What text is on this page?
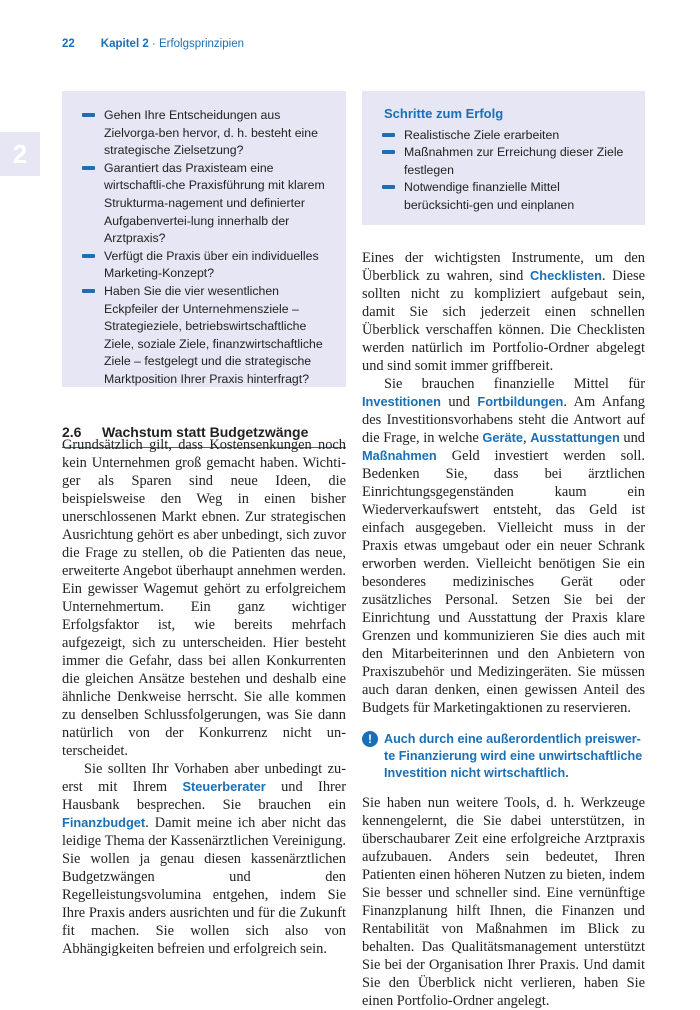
22 Kapitel 2 · Erfolgsprinzipien
2
Gehen Ihre Entscheidungen aus Zielvorga-ben hervor, d. h. besteht eine strategische Zielsetzung?
Garantiert das Praxisteam eine wirtschaftli-che Praxisführung mit klarem Strukturma-nagement und definierter Aufgabenvertei-lung innerhalb der Arztpraxis?
Verfügt die Praxis über ein individuelles Marketing-Konzept?
Haben Sie die vier wesentlichen Eckpfeiler der Unternehmensziele – Strategieziele, betriebswirtschaftliche Ziele, soziale Ziele, finanzwirtschaftliche Ziele – festgelegt und die strategische Marktposition Ihrer Praxis hinterfragt?
Schritte zum Erfolg
Realistische Ziele erarbeiten
Maßnahmen zur Erreichung dieser Ziele festlegen
Notwendige finanzielle Mittel berücksichti-gen und einplanen
2.6 Wachstum statt Budgetzwänge

Grundsätzlich gilt, dass Kostensenkungen noch kein Unternehmen groß gemacht haben. Wichtiger als Sparen sind neue Ideen, die beispielsweise den Weg in einen bisher unerschlossenen Markt ebnen. Zur strategischen Ausrichtung gehört es aber unbedingt, sich zuvor die Frage zu stellen, ob die Patienten das neue, erweiterte Angebot überhaupt annehmen werden. Ein gewisser Wagemut gehört zu erfolgreichem Unternehmertum. Ein ganz wichtiger Erfolgsfaktor ist, wie bereits mehrfach aufgezeigt, sich zu unterscheiden. Hier besteht immer die Gefahr, dass bei allen Konkurrenten die gleichen Ansätze bestehen und deshalb eine ähnliche Denkweise herrscht. Sie alle kommen zu denselben Schlussfolgerungen, was Sie dann natürlich von der Konkurrenz nicht unterscheidet.

Sie sollten Ihr Vorhaben aber unbedingt zuerst mit Ihrem Steuerberater und Ihrer Hausbank besprechen. Sie brauchen ein Finanzbudget. Damit meine ich aber nicht das leidige Thema der Kassenärztlichen Vereinigung. Sie wollen ja genau diesen kassenärztlichen Budgetzwängen und den Regelleistungsvolumina entgehen, indem Sie Ihre Praxis anders ausrichten und für die Zukunft fit machen. Sie wollen sich also von Abhängigkeiten befreien und erfolgreich sein.

Eines der wichtigsten Instrumente, um den Überblick zu wahren, sind Checklisten. Diese sollten nicht zu kompliziert aufgebaut sein, damit Sie sich jederzeit einen schnellen Überblick verschaffen können. Die Checklisten werden natürlich im Portfolio-Ordner abgelegt und sind somit immer griffbereit.

Sie brauchen finanzielle Mittel für Investitionen und Fortbildungen. Am Anfang des Investitionsvorhabens steht die Antwort auf die Frage, in welche Geräte, Ausstattungen und Maßnahmen Geld investiert werden soll. Bedenken Sie, dass bei ärztlichen Einrichtungsgegenständen kaum ein Wiederverkaufswert entsteht, das Geld ist einfach ausgegeben. Vielleicht muss in der Praxis etwas umgebaut oder ein neuer Schrank erworben werden. Vielleicht benötigen Sie ein besonderes medizinisches Gerät oder zusätzliches Personal. Setzen Sie bei der Einrichtung und Ausstattung der Praxis klare Grenzen und kommunizieren Sie dies auch mit den Mitarbeiterinnen und den Anbietern von Praxiszubehör und Medizingeräten. Sie müssen auch daran denken, einen gewissen Anteil des Budgets für Marketingaktionen zu reservieren.

! Auch durch eine außerordentlich preiswerte Finanzierung wird eine unwirtschaftliche Investition nicht wirtschaftlich.

Sie haben nun weitere Tools, d. h. Werkzeuge kennengelernt, die Sie dabei unterstützen, in überschaubarer Zeit eine erfolgreiche Arztpraxis aufzubauen. Anders sein bedeutet, Ihren Patienten einen höheren Nutzen zu bieten, indem Sie besser und schneller sind. Eine vernünftige Finanzplanung hilft Ihnen, die Finanzen und Rentabilität von Maßnahmen im Blick zu behalten. Das Qualitätsmanagement unterstützt Sie bei der Organisation Ihrer Praxis. Und damit Sie den Überblick nicht verlieren, haben Sie einen Portfolio-Ordner angelegt.
